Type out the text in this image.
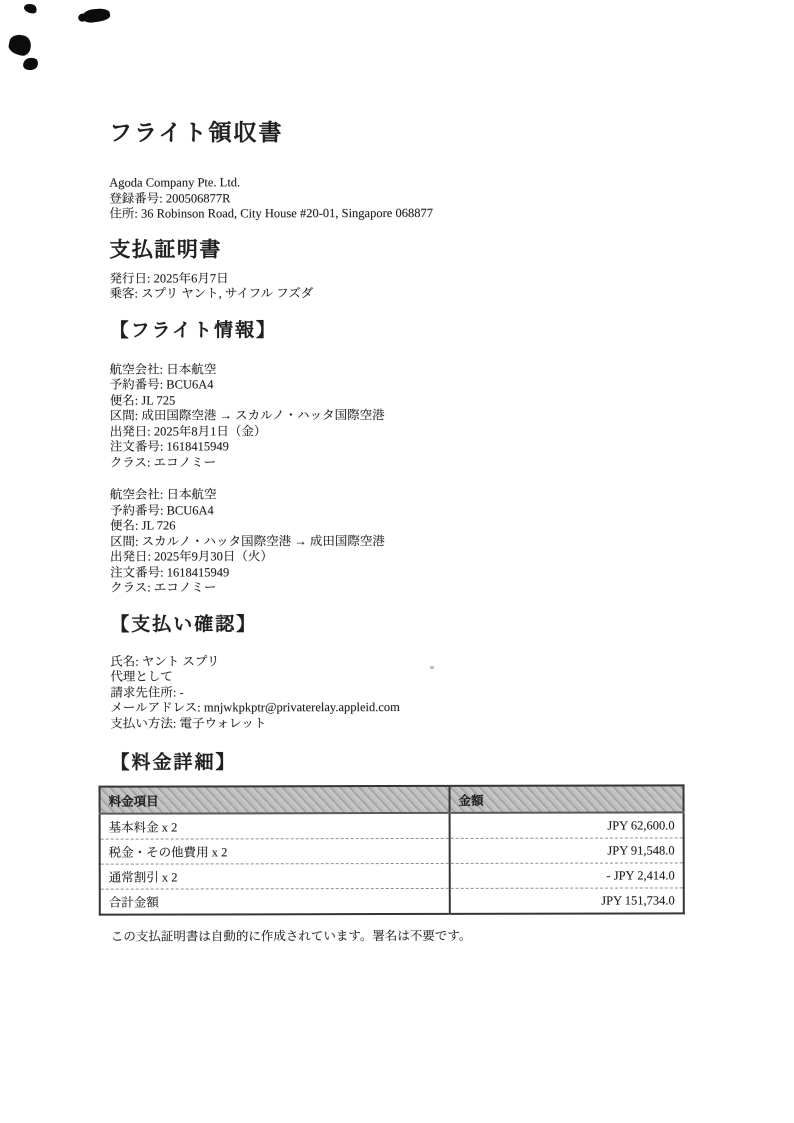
フライト領収書
Agoda Company Pte. Ltd.
登録番号: 200506877R
住所: 36 Robinson Road, City House #20-01, Singapore 068877
支払証明書
発行日: 2025年6月7日
乗客: スプリ ヤント, サイフル フズダ
【フライト情報】
航空会社: 日本航空
予約番号: BCU6A4
便名: JL 725
区間: 成田国際空港 → スカルノ・ハッタ国際空港
出発日: 2025年8月1日（金）
注文番号: 1618415949
クラス: エコノミー
航空会社: 日本航空
予約番号: BCU6A4
便名: JL 726
区間: スカルノ・ハッタ国際空港 → 成田国際空港
出発日: 2025年9月30日（火）
注文番号: 1618415949
クラス: エコノミー
【支払い確認】
氏名: ヤント スプリ
代理として
請求先住所: -
メールアドレス: mnjwkpkptr@privaterelay.appleid.com
支払い方法: 電子ウォレット
【料金詳細】
料金項目	金額
基本料金 x 2	JPY 62,600.0
税金・その他費用 x 2	JPY 91,548.0
通常割引 x 2	- JPY 2,414.0
合計金額	JPY 151,734.0
この支払証明書は自動的に作成されています。署名は不要です。
